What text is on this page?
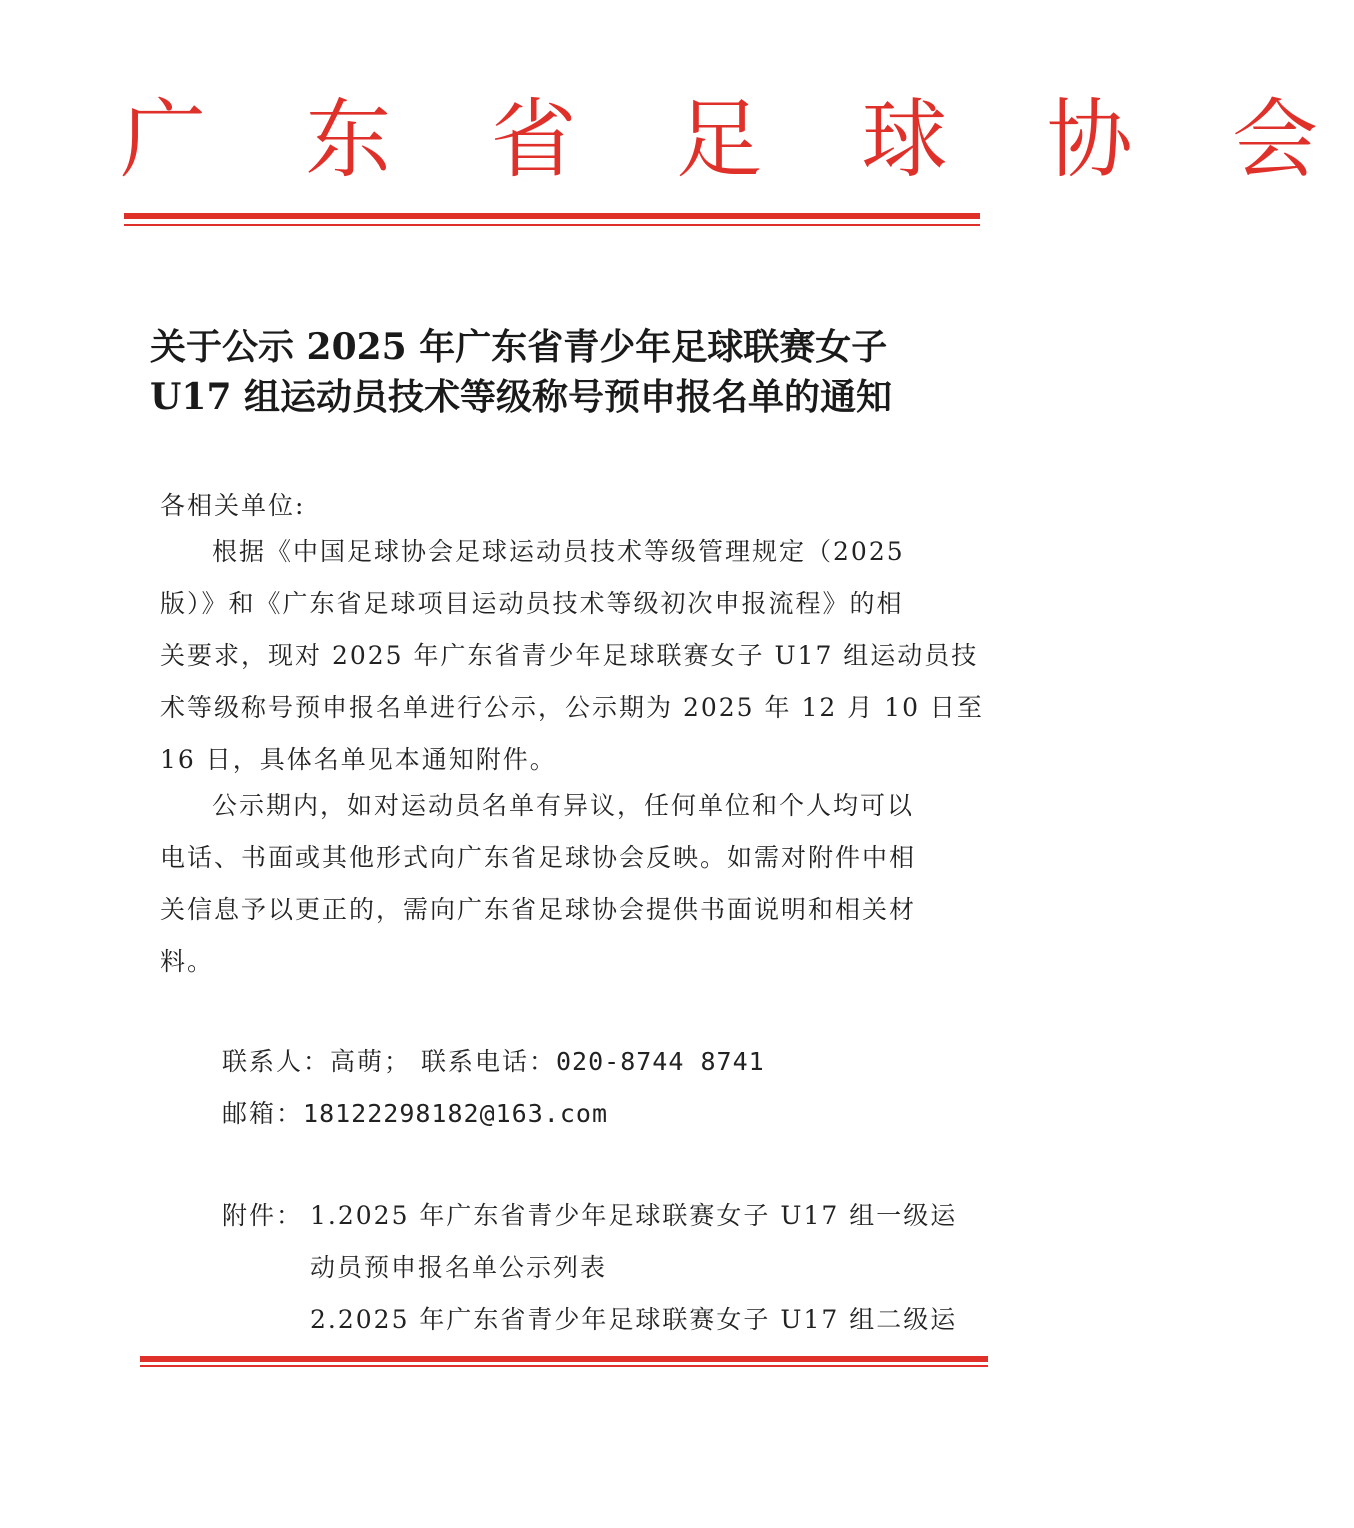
广 东 省 足 球 协 会
关于公示 2025 年广东省青少年足球联赛女子
U17 组运动员技术等级称号预申报名单的通知
各相关单位:
根据《中国足球协会足球运动员技术等级管理规定（2025
版）》和《广东省足球项目运动员技术等级初次申报流程》的相
关要求，现对 2025 年广东省青少年足球联赛女子 U17 组运动员技
术等级称号预申报名单进行公示，公示期为 2025 年 12 月 10 日至
16 日，具体名单见本通知附件。
公示期内，如对运动员名单有异议，任何单位和个人均可以
电话、书面或其他形式向广东省足球协会反映。如需对附件中相
关信息予以更正的，需向广东省足球协会提供书面说明和相关材
料。
联系人：高萌； 联系电话：020-8744 8741
邮箱：18122298182@163.com
附件： 1.2025 年广东省青少年足球联赛女子 U17 组一级运
动员预申报名单公示列表
2.2025 年广东省青少年足球联赛女子 U17 组二级运
